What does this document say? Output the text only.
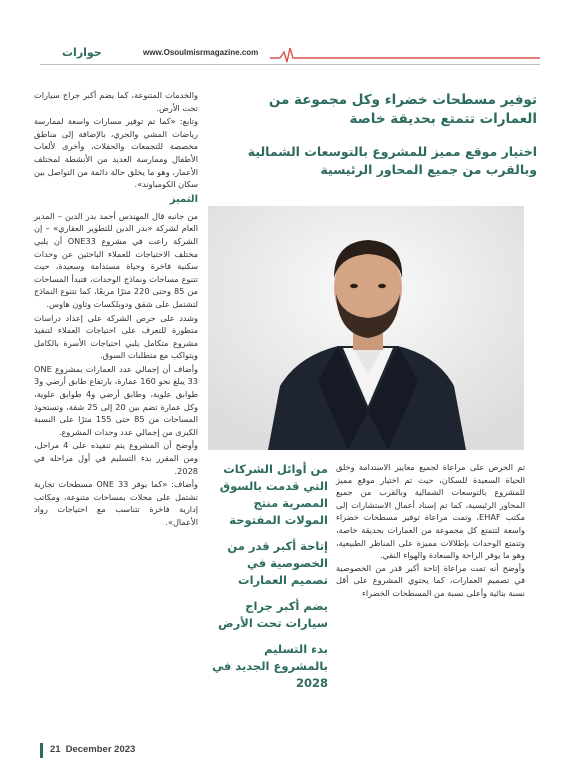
حوارات	www.Osoulmisrmagazine.com
توفير مسطحات خضراء وكل مجموعة من العمارات تتمتع بحديقة خاصة
اختيار موقع مميز للمشروع بالتوسعات الشمالية وبالقرب من جميع المحاور الرئيسية

والخدمات المتنوعة، كما يضم أكبر جراج سيارات تحت الأرض.

وتابع: «كما تم توفير مسارات واسعة لممارسة رياضات المشي والجري، بالإضافة إلى مناطق مخصصة للتجمعات والحفلات، وأخرى لألعاب الأطفال وممارسة العديد من الأنشطة لمختلف الأعمار، وهو ما يخلق حالة دائمة من التواصل بين سكان الكومباوند».

التميز

من جانبه قال المهندس أحمد بدر الدين – المدير العام لشركة «بدر الدين للتطوير العقاري» – إن الشركة راعت في مشروع ONE33 أن يلبي مختلف الاحتياجات للعملاء الباحثين عن وحدات سكنية فاخرة وحياة مستدامة وسعيدة، حيث تتنوع مساحات ونماذج الوحدات، فتبدأ المساحات من 85 وحتى 220 مترًا مربعًا، كما تتنوع النماذج لتشتمل على شقق ودوبلكسات وتاون هاوس.

وشدد على حرص الشركة على إعداد دراسات متطورة للتعرف على احتياجات العملاء لتنفيذ مشروع متكامل يلبي احتياجات الأسرة بالكامل ويتواكب مع متطلبات السوق.

وأضاف أن إجمالي عدد العمارات بمشروع ONE 33 يبلغ نحو 160 عمارة، بارتفاع طابق أرضي و3 طوابق علوية، وطابق أرضي و4 طوابق علوية، وكل عمارة تضم بين 20 إلى 25 شقة، وتستحوذ المساحات من 85 حتى 155 مترًا على النسبة الكبرى من إجمالي عدد وحدات المشروع.

وأوضح أن المشروع يتم تنفيذه على 4 مراحل، ومن المقرر بدء التسليم في أول مراحله في 2028.

وأضاف: «كما يوفر ONE 33 مسطحات تجارية تشتمل على محلات بمساحات متنوعة، ومكاتب إدارية فاخرة تتناسب مع احتياجات رواد الأعمال».

من أوائل الشركات التي قدمت بالسوق المصرية منتج المولات المفتوحة
إتاحة أكبر قدر من الخصوصية في تصميم العمارات
يضم أكبر جراج سيارات تحت الأرض
بدء التسليم بالمشروع الجديد في 2028

تم الحرص على مراعاة لجميع معايير الاستدامة وخلق الحياة السعيدة للسكان، حيث تم اختيار موقع مميز للمشروع بالتوسعات الشمالية وبالقرب من جميع المحاور الرئيسية، كما تم إسناد أعمال الاستشارات إلى مكتب EHAF، وتمت مراعاة توفير مسطحات خضراء واسعة لتتمتع كل مجموعة من العمارات بحديقة خاصة، وتتمتع الوحدات بإطلالات مميزة على المناظر الطبيعية، وهو ما يوفر الراحة والسعادة والهواء النقي.

وأوضح أنه تمت مراعاة إتاحة أكبر قدر من الخصوصية في تصميم العمارات، كما يحتوي المشروع على أقل نسبة بنائية وأعلى نسبة من المسطحات الخضراء

21 December 2023
